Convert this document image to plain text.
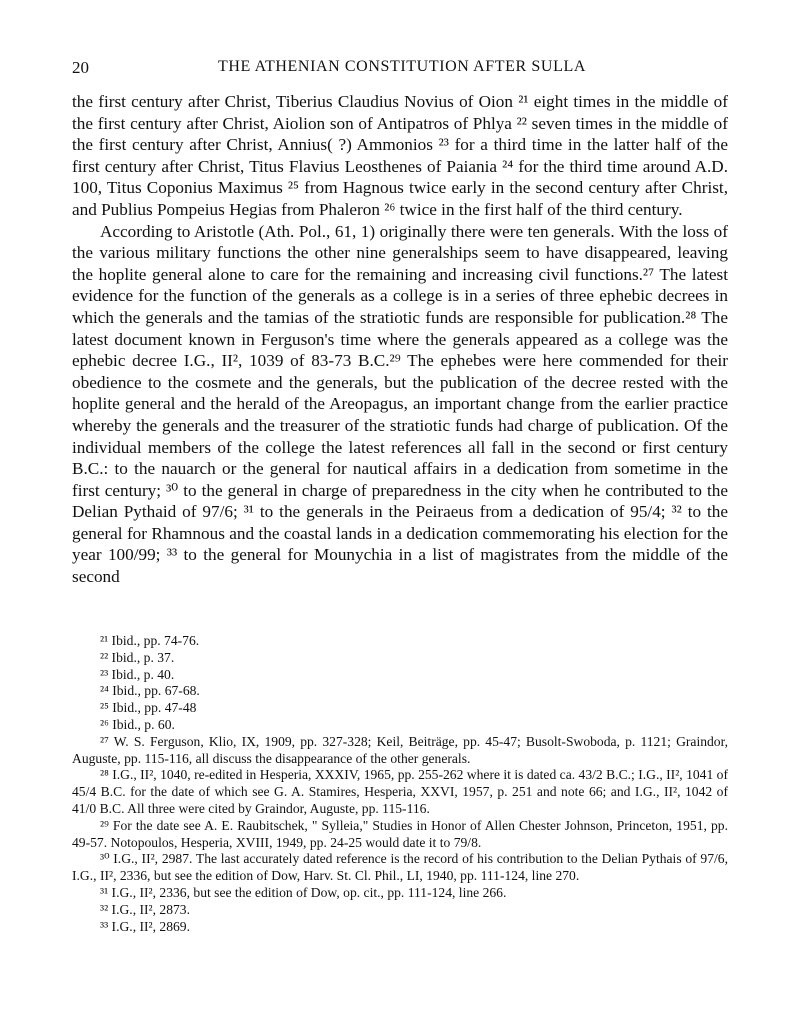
20	THE ATHENIAN CONSTITUTION AFTER SULLA

the first century after Christ, Tiberius Claudius Novius of Oion ²¹ eight times in the middle of the first century after Christ, Aiolion son of Antipatros of Phlya ²² seven times in the middle of the first century after Christ, Annius( ?) Ammonios ²³ for a third time in the latter half of the first century after Christ, Titus Flavius Leosthenes of Paiania ²⁴ for the third time around A.D. 100, Titus Coponius Maximus ²⁵ from Hagnous twice early in the second century after Christ, and Publius Pompeius Hegias from Phaleron ²⁶ twice in the first half of the third century.

According to Aristotle (Ath. Pol., 61, 1) originally there were ten generals. With the loss of the various military functions the other nine generalships seem to have disappeared, leaving the hoplite general alone to care for the remaining and increasing civil functions.²⁷ The latest evidence for the function of the generals as a college is in a series of three ephebic decrees in which the generals and the tamias of the stratiotic funds are responsible for publication.²⁸ The latest document known in Ferguson's time where the generals appeared as a college was the ephebic decree I.G., II², 1039 of 83-73 B.C.²⁹ The ephebes were here commended for their obedience to the cosmete and the generals, but the publication of the decree rested with the hoplite general and the herald of the Areopagus, an important change from the earlier practice whereby the generals and the treasurer of the stratiotic funds had charge of publication. Of the individual members of the college the latest references all fall in the second or first century B.C.: to the nauarch or the general for nautical affairs in a dedication from sometime in the first century; ³⁰ to the general in charge of preparedness in the city when he contributed to the Delian Pythaid of 97/6; ³¹ to the generals in the Peiraeus from a dedication of 95/4; ³² to the general for Rhamnous and the coastal lands in a dedication commemorating his election for the year 100/99; ³³ to the general for Mounychia in a list of magistrates from the middle of the second

²¹ Ibid., pp. 74-76.

²² Ibid., p. 37.

²³ Ibid., p. 40.

²⁴ Ibid., pp. 67-68.

²⁵ Ibid., pp. 47-48

²⁶ Ibid., p. 60.

²⁷ W. S. Ferguson, Klio, IX, 1909, pp. 327-328; Keil, Beiträge, pp. 45-47; Busolt-Swoboda, p. 1121; Graindor, Auguste, pp. 115-116, all discuss the disappearance of the other generals.

²⁸ I.G., II², 1040, re-edited in Hesperia, XXXIV, 1965, pp. 255-262 where it is dated ca. 43/2 B.C.; I.G., II², 1041 of 45/4 B.C. for the date of which see G. A. Stamires, Hesperia, XXVI, 1957, p. 251 and note 66; and I.G., II², 1042 of 41/0 B.C. All three were cited by Graindor, Auguste, pp. 115-116.

²⁹ For the date see A. E. Raubitschek, " Sylleia," Studies in Honor of Allen Chester Johnson, Princeton, 1951, pp. 49-57. Notopoulos, Hesperia, XVIII, 1949, pp. 24-25 would date it to 79/8.

³⁰ I.G., II², 2987. The last accurately dated reference is the record of his contribution to the Delian Pythais of 97/6, I.G., II², 2336, but see the edition of Dow, Harv. St. Cl. Phil., LI, 1940, pp. 111-124, line 270.

³¹ I.G., II², 2336, but see the edition of Dow, op. cit., pp. 111-124, line 266.

³² I.G., II², 2873.

³³ I.G., II², 2869.
